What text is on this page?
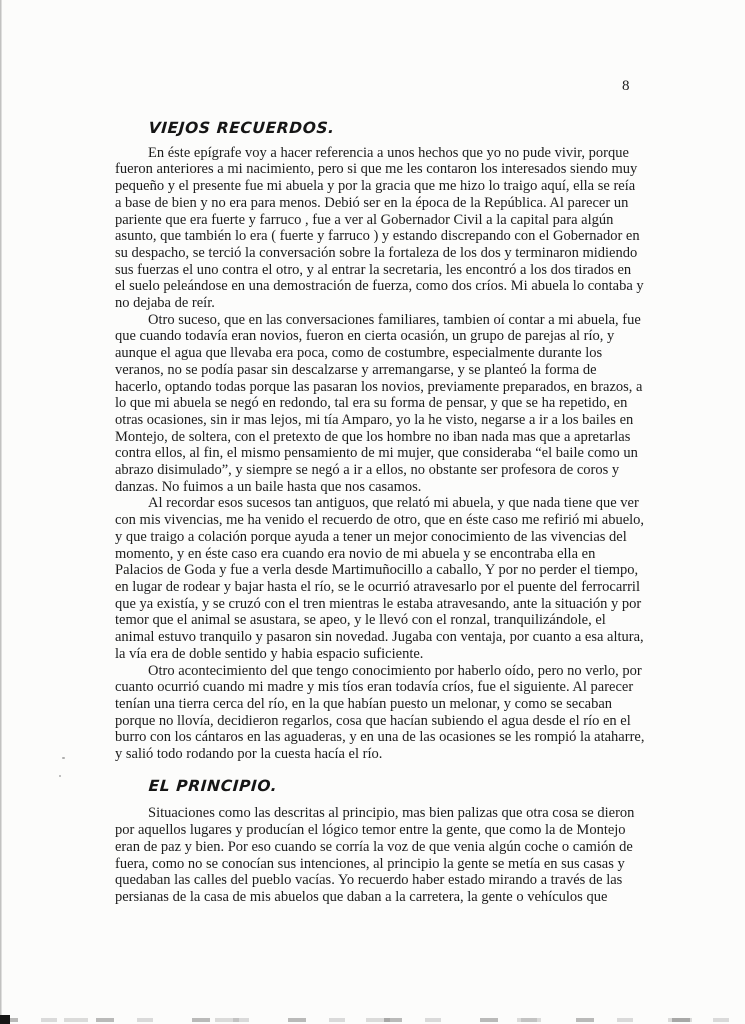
8
VIEJOS RECUERDOS.

En éste epígrafe voy a hacer referencia a unos hechos que yo no pude vivir, porque fueron anteriores a mi nacimiento, pero si que me les contaron los interesados siendo muy pequeño y el presente fue mi abuela y por la gracia que me hizo lo traigo aquí, ella se reía a base de bien y no era para menos. Debió ser en la época de la República. Al parecer un pariente que era fuerte y farruco , fue a ver al Gobernador Civil a la capital para algún asunto, que también lo era ( fuerte y farruco ) y estando discrepando con el Gobernador en su despacho, se terció la conversación sobre la fortaleza de los dos y terminaron midiendo sus fuerzas el uno contra el otro, y al entrar la secretaria, les encontró a los dos tirados en el suelo peleándose en una demostración de fuerza, como dos críos. Mi abuela lo contaba y no dejaba de reír.

Otro suceso, que en las conversaciones familiares, tambien oí contar a mi abuela, fue que cuando todavía eran novios, fueron en cierta ocasión, un grupo de parejas al río, y aunque el agua que llevaba era poca, como de costumbre, especialmente durante los veranos, no se podía pasar sin descalzarse y arremangarse, y se planteó la forma de hacerlo, optando todas porque las pasaran los novios, previamente preparados, en brazos, a lo que mi abuela se negó en redondo, tal era su forma de pensar, y que se ha repetido, en otras ocasiones, sin ir mas lejos, mi tía Amparo, yo la he visto, negarse a ir a los bailes en Montejo, de soltera, con el pretexto de que los hombre no iban nada mas que a apretarlas contra ellos, al fin, el mismo pensamiento de mi mujer, que consideraba “el baile como un abrazo disimulado”, y siempre se negó a ir a ellos, no obstante ser profesora de coros y danzas. No fuimos a un baile hasta que nos casamos.

Al recordar esos sucesos tan antiguos, que relató mi abuela, y que nada tiene que ver con mis vivencias, me ha venido el recuerdo de otro, que en éste caso me refirió mi abuelo, y que traigo a colación porque ayuda a tener un mejor conocimiento de las vivencias del momento, y en éste caso era cuando era novio de mi abuela y se encontraba ella en Palacios de Goda y fue a verla desde Martimuñocillo a caballo, Y por no perder el tiempo, en lugar de rodear y bajar hasta el río, se le ocurrió atravesarlo por el puente del ferrocarril que ya existía, y se cruzó con el tren mientras le estaba atravesando, ante la situación y por temor que el animal se asustara, se apeo, y le llevó con el ronzal, tranquilizándole, el animal estuvo tranquilo y pasaron sin novedad. Jugaba con ventaja, por cuanto a esa altura, la vía era de doble sentido y habia espacio suficiente.

Otro acontecimiento del que tengo conocimiento por haberlo oído, pero no verlo, por cuanto ocurrió cuando mi madre y mis tíos eran todavía críos, fue el siguiente. Al parecer tenían una tierra cerca del río, en la que habían puesto un melonar, y como se secaban porque no llovía, decidieron regarlos, cosa que hacían subiendo el agua desde el río en el burro con los cántaros en las aguaderas, y en una de las ocasiones se les rompió la ataharre, y salió todo rodando por la cuesta hacía el río.

EL PRINCIPIO.

Situaciones como las descritas al principio, mas bien palizas que otra cosa se dieron por aquellos lugares y producían el lógico temor entre la gente, que como la de Montejo eran de paz y bien. Por eso cuando se corría la voz de que venia algún coche o camión de fuera, como no se conocían sus intenciones, al principio la gente se metía en sus casas y quedaban las calles del pueblo vacías. Yo recuerdo haber estado mirando a través de las persianas de la casa de mis abuelos que daban a la carretera, la gente o vehículos que
